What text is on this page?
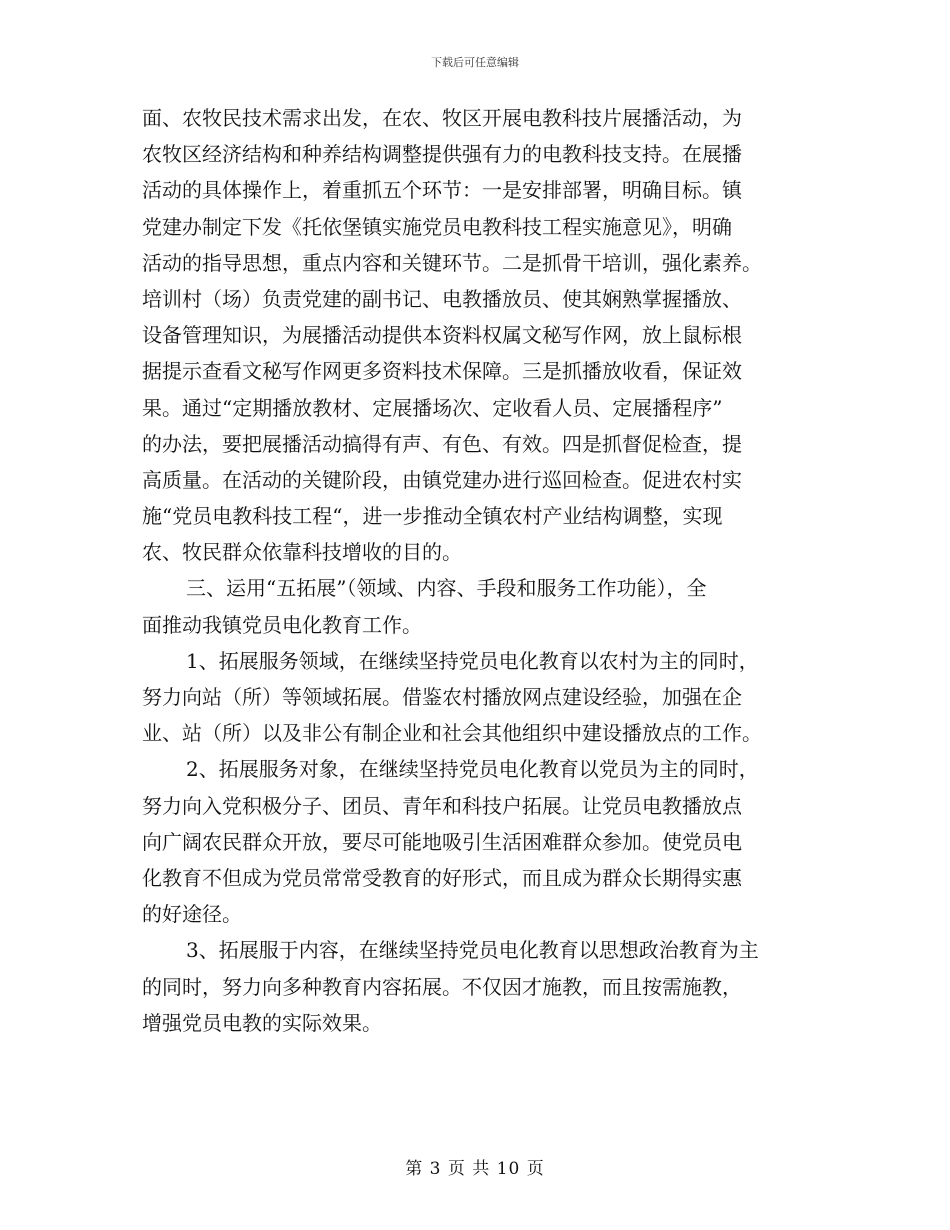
下载后可任意编辑
面、农牧民技术需求出发，在农、牧区开展电教科技片展播活动，为
农牧区经济结构和种养结构调整提供强有力的电教科技支持。在展播
活动的具体操作上，着重抓五个环节：一是安排部署，明确目标。镇
党建办制定下发《托依堡镇实施党员电教科技工程实施意见》，明确
活动的指导思想，重点内容和关键环节。二是抓骨干培训，强化素养。
培训村（场）负责党建的副书记、电教播放员、使其娴熟掌握播放、
设备管理知识，为展播活动提供本资料权属文秘写作网，放上鼠标根
据提示查看文秘写作网更多资料技术保障。三是抓播放收看，保证效
果。通过“定期播放教材、定展播场次、定收看人员、定展播程序”
的办法，要把展播活动搞得有声、有色、有效。四是抓督促检查，提
高质量。在活动的关键阶段，由镇党建办进行巡回检查。促进农村实
施“党员电教科技工程“，进一步推动全镇农村产业结构调整，实现
农、牧民群众依靠科技增收的目的。
三、运用“五拓展”（领域、内容、手段和服务工作功能），全
面推动我镇党员电化教育工作。
1、拓展服务领域，在继续坚持党员电化教育以农村为主的同时，
努力向站（所）等领域拓展。借鉴农村播放网点建设经验，加强在企
业、站（所）以及非公有制企业和社会其他组织中建设播放点的工作。
2、拓展服务对象，在继续坚持党员电化教育以党员为主的同时，
努力向入党积极分子、团员、青年和科技户拓展。让党员电教播放点
向广阔农民群众开放，要尽可能地吸引生活困难群众参加。使党员电
化教育不但成为党员常常受教育的好形式，而且成为群众长期得实惠
的好途径。
3、拓展服于内容，在继续坚持党员电化教育以思想政治教育为主
的同时，努力向多种教育内容拓展。不仅因才施教，而且按需施教，
增强党员电教的实际效果。
第 3 页 共 10 页
